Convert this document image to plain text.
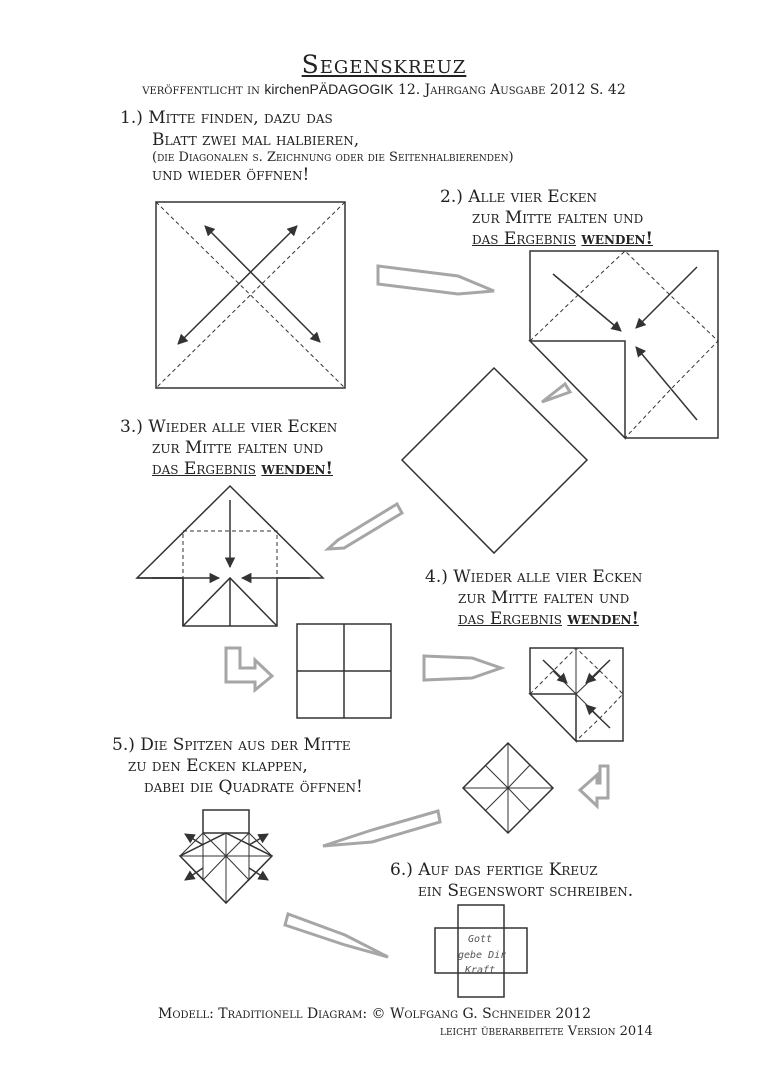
Segenskreuz
veröffentlicht in kirchenPÄDAGOGIK 12. Jahrgang Ausgabe 2012 S. 42
1.) Mitte finden, dazu das
Blatt zwei mal halbieren,
(die Diagonalen s. Zeichnung oder die Seitenhalbierenden)
und wieder öffnen!
2.) Alle vier Ecken
zur Mitte falten und
das Ergebnis wenden!
3.) Wieder alle vier Ecken
zur Mitte falten und
das Ergebnis wenden!
4.) Wieder alle vier Ecken
zur Mitte falten und
das Ergebnis wenden!
5.) Die Spitzen aus der Mitte
zu den Ecken klappen,
dabei die Quadrate öffnen!
6.) Auf das fertige Kreuz
ein Segenswort schreiben.
Modell: Traditionell Diagram: © Wolfgang G. Schneider 2012
leicht überarbeitete Version 2014
Gott
gebe Dir
Kraft
